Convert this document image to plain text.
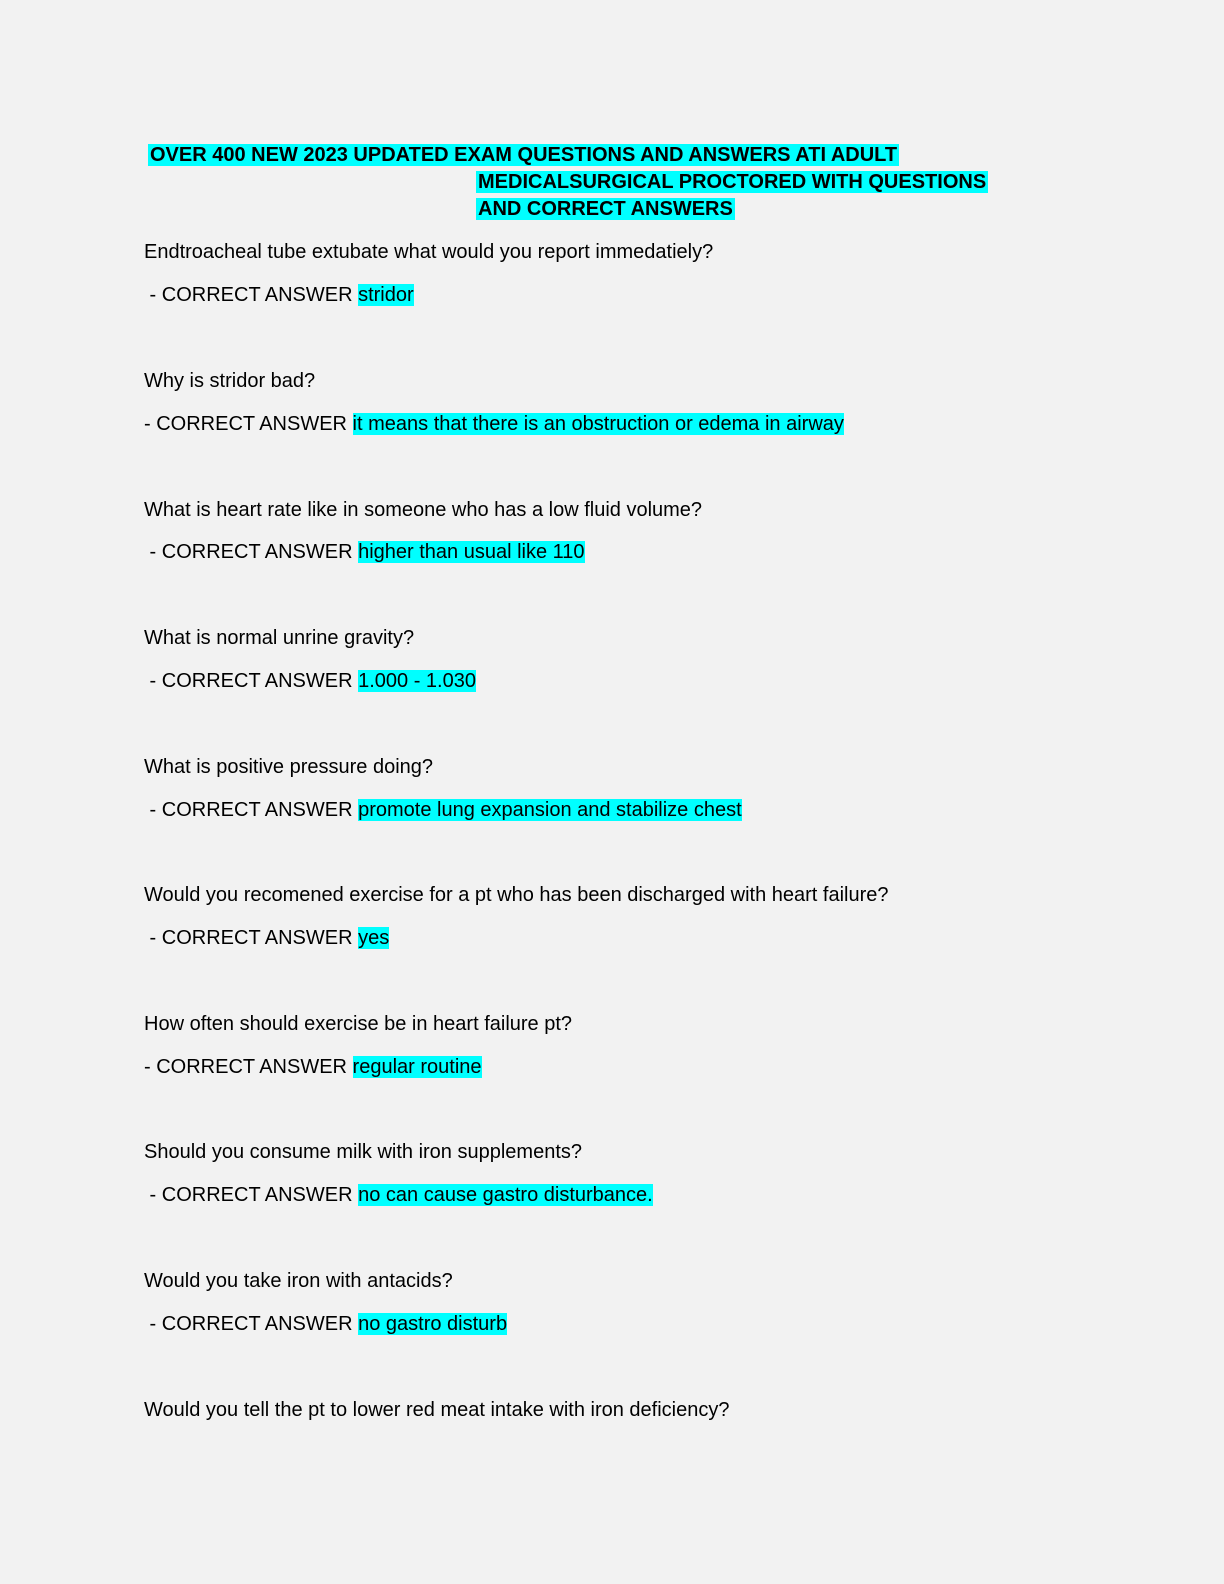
OVER 400 NEW 2023 UPDATED EXAM QUESTIONS AND ANSWERS ATI ADULT
MEDICALSURGICAL PROCTORED WITH QUESTIONS
AND CORRECT ANSWERS
Endtroacheal tube extubate what would you report immedatiely?
- CORRECT ANSWER stridor
Why is stridor bad?
- CORRECT ANSWER it means that there is an obstruction or edema in airway
What is heart rate like in someone who has a low fluid volume?
- CORRECT ANSWER higher than usual like 110
What is normal unrine gravity?
- CORRECT ANSWER 1.000 - 1.030
What is positive pressure doing?
- CORRECT ANSWER promote lung expansion and stabilize chest
Would you recomened exercise for a pt who has been discharged with heart failure?
- CORRECT ANSWER yes
How often should exercise be in heart failure pt?
- CORRECT ANSWER regular routine
Should you consume milk with iron supplements?
- CORRECT ANSWER no can cause gastro disturbance.
Would you take iron with antacids?
- CORRECT ANSWER no gastro disturb
Would you tell the pt to lower red meat intake with iron deficiency?
